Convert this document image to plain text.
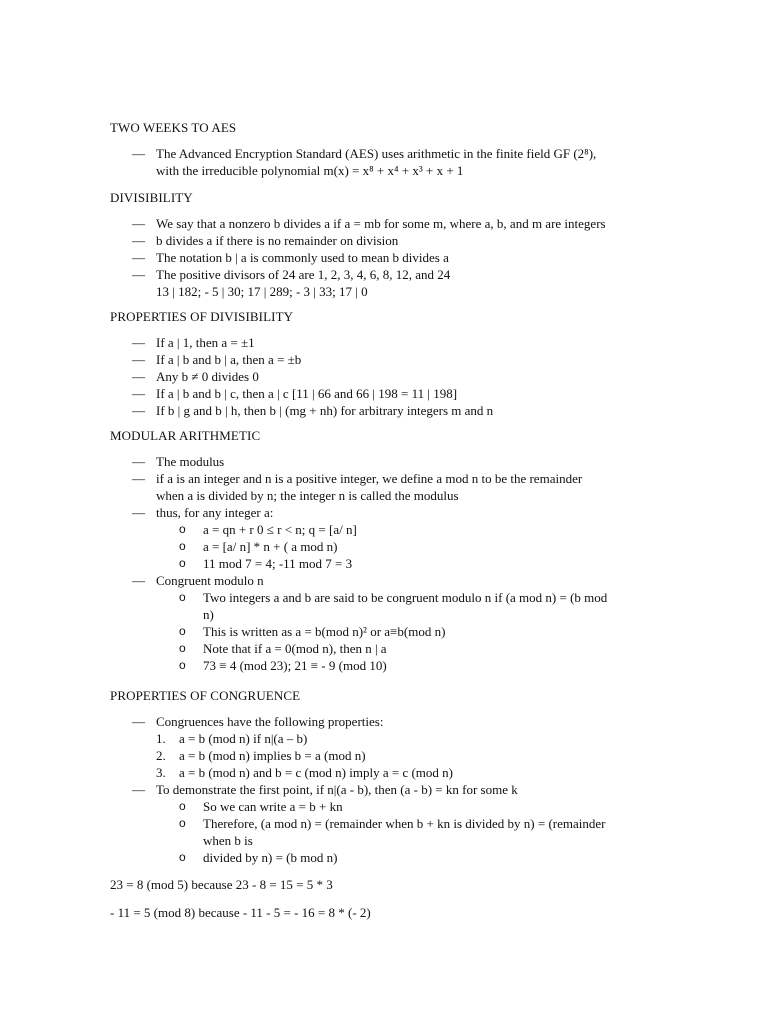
TWO WEEKS TO AES
— The Advanced Encryption Standard (AES) uses arithmetic in the finite field GF (2⁸),
with the irreducible polynomial m(x) = x⁸ + x⁴ + x³ + x + 1
DIVISIBILITY
— We say that a nonzero b divides a if a = mb for some m, where a, b, and m are integers
— b divides a if there is no remainder on division
— The notation b | a is commonly used to mean b divides a
— The positive divisors of 24 are 1, 2, 3, 4, 6, 8, 12, and 24
13 | 182; - 5 | 30; 17 | 289; - 3 | 33; 17 | 0
PROPERTIES OF DIVISIBILITY
— If a | 1, then a = ±1
— If a | b and b | a, then a = ±b
— Any b ≠ 0 divides 0
— If a | b and b | c, then a | c [11 | 66 and 66 | 198 = 11 | 198]
— If b | g and b | h, then b | (mg + nh) for arbitrary integers m and n
MODULAR ARITHMETIC
— The modulus
— if a is an integer and n is a positive integer, we define a mod n to be the remainder
when a is divided by n; the integer n is called the modulus
— thus, for any integer a:
o a = qn + r 0 ≤ r < n; q = [a/ n]
o a = [a/ n] * n + ( a mod n)
o 11 mod 7 = 4; -11 mod 7 = 3
— Congruent modulo n
o Two integers a and b are said to be congruent modulo n if (a mod n) = (b mod
n)
o This is written as a = b(mod n)² or a≡b(mod n)
o Note that if a = 0(mod n), then n | a
o 73 ≡ 4 (mod 23); 21 ≡ - 9 (mod 10)
PROPERTIES OF CONGRUENCE
— Congruences have the following properties:
1. a = b (mod n) if n|(a – b)
2. a = b (mod n) implies b = a (mod n)
3. a = b (mod n) and b = c (mod n) imply a = c (mod n)
— To demonstrate the first point, if n|(a - b), then (a - b) = kn for some k
o So we can write a = b + kn
o Therefore, (a mod n) = (remainder when b + kn is divided by n) = (remainder
when b is
o divided by n) = (b mod n)
23 = 8 (mod 5) because 23 - 8 = 15 = 5 * 3
- 11 = 5 (mod 8) because - 11 - 5 = - 16 = 8 * (- 2)
